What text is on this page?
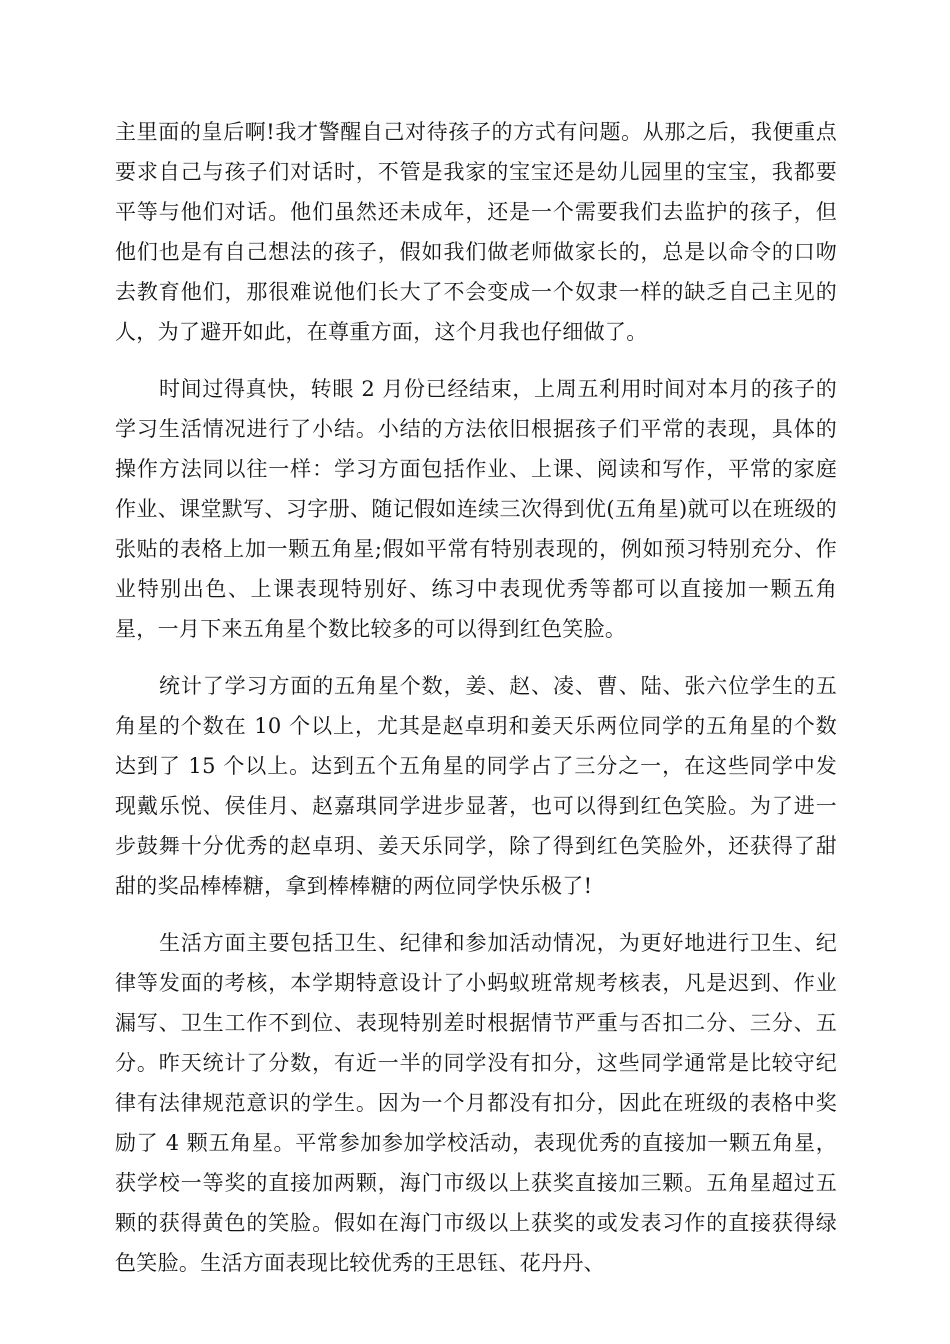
主里面的皇后啊!我才警醒自己对待孩子的方式有问题。从那之后，我便重点要求自己与孩子们对话时，不管是我家的宝宝还是幼儿园里的宝宝，我都要平等与他们对话。他们虽然还未成年，还是一个需要我们去监护的孩子，但他们也是有自己想法的孩子，假如我们做老师做家长的，总是以命令的口吻去教育他们，那很难说他们长大了不会变成一个奴隶一样的缺乏自己主见的人，为了避开如此，在尊重方面，这个月我也仔细做了。

时间过得真快，转眼 2 月份已经结束，上周五利用时间对本月的孩子的学习生活情况进行了小结。小结的方法依旧根据孩子们平常的表现，具体的操作方法同以往一样：学习方面包括作业、上课、阅读和写作，平常的家庭作业、课堂默写、习字册、随记假如连续三次得到优(五角星)就可以在班级的张贴的表格上加一颗五角星;假如平常有特别表现的，例如预习特别充分、作业特别出色、上课表现特别好、练习中表现优秀等都可以直接加一颗五角星，一月下来五角星个数比较多的可以得到红色笑脸。

统计了学习方面的五角星个数，姜、赵、凌、曹、陆、张六位学生的五角星的个数在 10 个以上，尤其是赵卓玥和姜天乐两位同学的五角星的个数达到了 15 个以上。达到五个五角星的同学占了三分之一，在这些同学中发现戴乐悦、侯佳月、赵嘉琪同学进步显著，也可以得到红色笑脸。为了进一步鼓舞十分优秀的赵卓玥、姜天乐同学，除了得到红色笑脸外，还获得了甜甜的奖品棒棒糖，拿到棒棒糖的两位同学快乐极了!

生活方面主要包括卫生、纪律和参加活动情况，为更好地进行卫生、纪律等发面的考核，本学期特意设计了小蚂蚁班常规考核表，凡是迟到、作业漏写、卫生工作不到位、表现特别差时根据情节严重与否扣二分、三分、五分。昨天统计了分数，有近一半的同学没有扣分，这些同学通常是比较守纪律有法律规范意识的学生。因为一个月都没有扣分，因此在班级的表格中奖励了 4 颗五角星。平常参加参加学校活动，表现优秀的直接加一颗五角星，获学校一等奖的直接加两颗，海门市级以上获奖直接加三颗。五角星超过五颗的获得黄色的笑脸。假如在海门市级以上获奖的或发表习作的直接获得绿色笑脸。生活方面表现比较优秀的王思钰、花丹丹、
